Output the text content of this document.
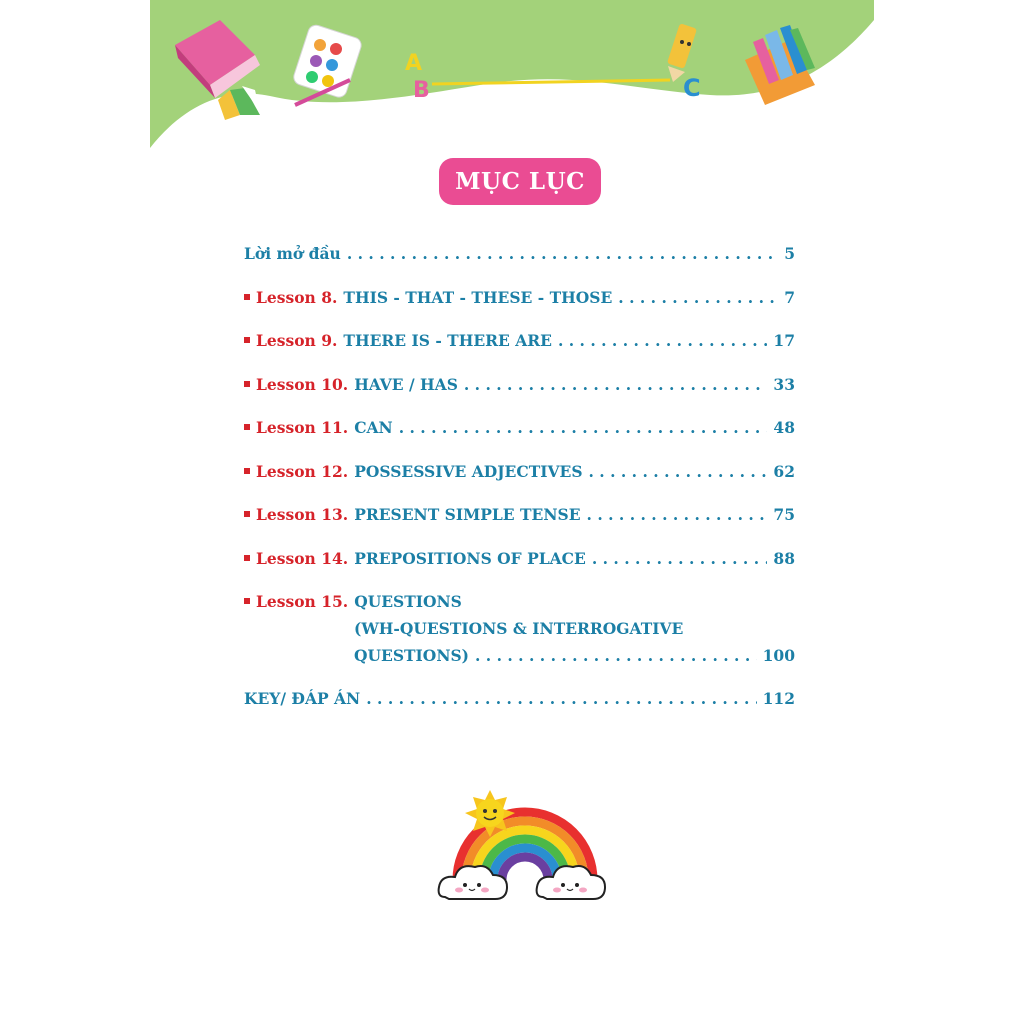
A
B	C
MỤC LỤC
Lời mở đầu . . .	5
Lesson 8. THIS - THAT - THESE - THOSE . . .	7
Lesson 9. THERE IS - THERE ARE . . .	17
Lesson 10. HAVE / HAS . . .	33
Lesson 11. CAN . . .	48
Lesson 12. POSSESSIVE ADJECTIVES . . .	62
Lesson 13. PRESENT SIMPLE TENSE . . .	75
Lesson 14. PREPOSITIONS OF PLACE . . .	88
Lesson 15. QUESTIONS
(WH-QUESTIONS & INTERROGATIVE
QUESTIONS) . . .	100
KEY/ ĐÁP ÁN . . .	112
